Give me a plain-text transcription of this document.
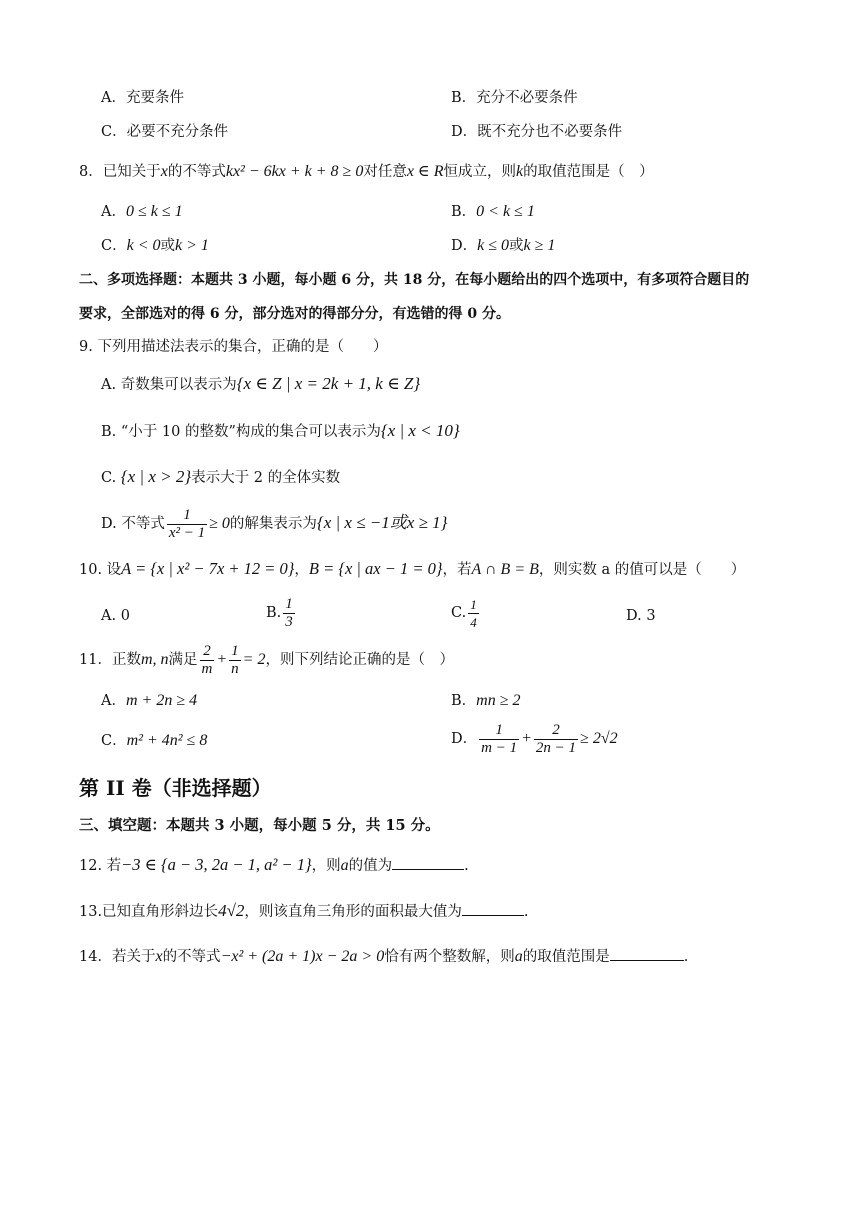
A．充要条件	B．充分不必要条件
C．必要不充分条件	D．既不充分也不必要条件
8．已知关于x的不等式kx² − 6kx + k + 8 ≥ 0对任意x ∈ R恒成立，则k的取值范围是（　）
A．0 ≤ k ≤ 1	B．0 < k ≤ 1
C．k < 0或k > 1	D．k ≤ 0或k ≥ 1
二、多项选择题：本题共 3 小题，每小题 6 分，共 18 分，在每小题给出的四个选项中，有多项符合题目的
要求，全部选对的得 6 分，部分选对的得部分分，有选错的得 0 分。
9. 下列用描述法表示的集合，正确的是（　　）
A. 奇数集可以表示为{x ∈ Z | x = 2k + 1, k ∈ Z}
B. “小于 10 的整数”构成的集合可以表示为{x | x < 10}
C. {x | x > 2}表示大于 2 的全体实数
D. 不等式 $\frac{1}{\text{x² − 1}} \ge 0$的解集表示为{x | x ≤ −1或x ≥ 1}
10. 设A = {x | x² − 7x + 12 = 0}，B = {x | ax − 1 = 0}，若A ∩ B = B，则实数 a 的值可以是（　　）
A. 0	B. $\frac{1}{3}$	C. $\frac{1}{4}$	D. 3
11．正数m, n满足 $\frac{2}{m} + \frac{1}{n} = 2$，则下列结论正确的是（　）
A．m + 2n ≥ 4	B．mn ≥ 2
C．m² + 4n² ≤ 8	D． $\frac{1}{m - 1} + \frac{2}{2n - 1} \ge 2√2$
第 II 卷（非选择题）
三、填空题：本题共 3 小题，每小题 5 分，共 15 分。
12. 若−3 ∈ {a − 3, 2a − 1, a² − 1}，则a的值为	.
13.已知直角形斜边长4√2，则该直角三角形的面积最大值为	.
14．若关于x的不等式−x² + (2a + 1)x − 2a > 0恰有两个整数解，则a的取值范围是	.
